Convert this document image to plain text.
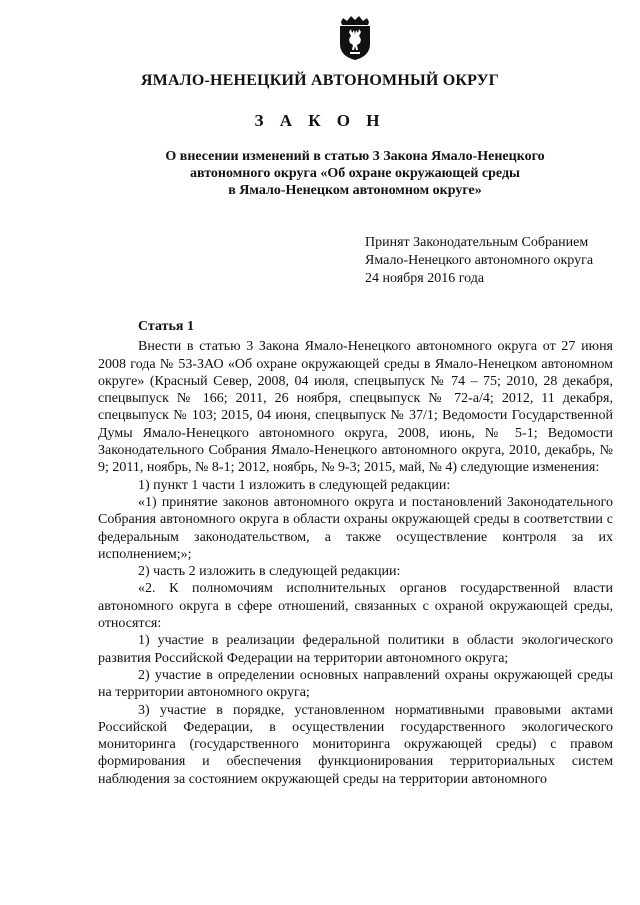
ЯМАЛО-НЕНЕЦКИЙ АВТОНОМНЫЙ ОКРУГ
З А К О Н
О внесении изменений в статью 3 Закона Ямало-Ненецкого
автономного округа «Об охране окружающей среды
в Ямало-Ненецком автономном округе»
Принят Законодательным Собранием
Ямало-Ненецкого автономного округа
24 ноября 2016 года
Статья 1

Внести в статью 3 Закона Ямало-Ненецкого автономного округа от 27 июня 2008 года № 53-ЗАО «Об охране окружающей среды в Ямало-Ненецком автономном округе» (Красный Север, 2008, 04 июля, спецвыпуск № 74 – 75; 2010, 28 декабря, спецвыпуск № 166; 2011, 26 ноября, спецвыпуск № 72-а/4; 2012, 11 декабря, спецвыпуск № 103; 2015, 04 июня, спецвыпуск № 37/1; Ведомости Государственной Думы Ямало-Ненецкого автономного округа, 2008, июнь, № 5-1; Ведомости Законодательного Собрания Ямало-Ненецкого автономного округа, 2010, декабрь, № 9; 2011, ноябрь, № 8-1; 2012, ноябрь, № 9-3; 2015, май, № 4) следующие изменения:

1) пункт 1 части 1 изложить в следующей редакции:

«1) принятие законов автономного округа и постановлений Законодательного Собрания автономного округа в области охраны окружающей среды в соответствии с федеральным законодательством, а также осуществление контроля за их исполнением;»;

2) часть 2 изложить в следующей редакции:

«2. К полномочиям исполнительных органов государственной власти автономного округа в сфере отношений, связанных с охраной окружающей среды, относятся:

1) участие в реализации федеральной политики в области экологического развития Российской Федерации на территории автономного округа;

2) участие в определении основных направлений охраны окружающей среды на территории автономного округа;

3) участие в порядке, установленном нормативными правовыми актами Российской Федерации, в осуществлении государственного экологического мониторинга (государственного мониторинга окружающей среды) с правом формирования и обеспечения функционирования территориальных систем наблюдения за состоянием окружающей среды на территории автономного
